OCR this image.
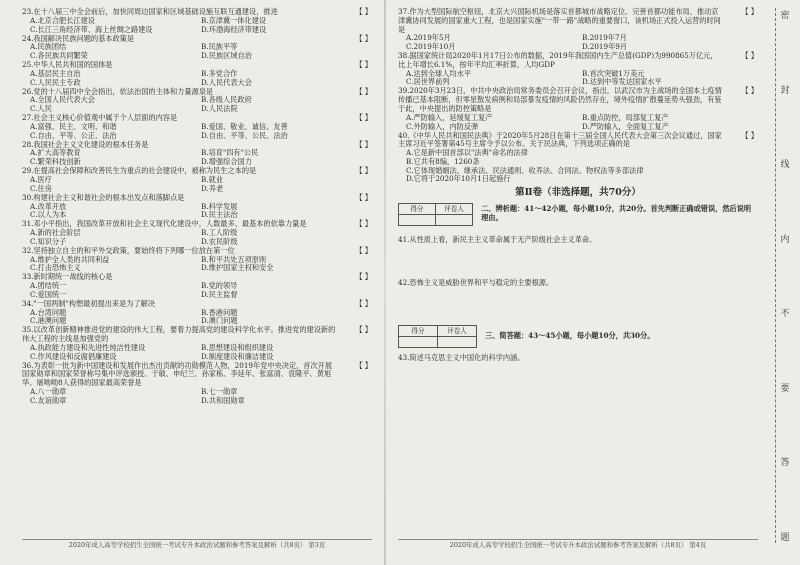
23.在十八届三中全会前后，加快同周边国家和区域基础设施互联互通建设，推进	【 】
A.北京合肥长江建设	B.京津冀一体化建设
C.长江三角经济带、海上丝绸之路建设	D.环渤海经济带建设
24.我国解决民族问题的基本政策是	【 】
A.民族团结	B.民族平等
C.各民族共同繁荣	D.民族区域自治
25.中华人民共和国的国体是	【 】
A.基层民主自治	B.多党合作
C.人民民主专政	D.人民代表大会
26.党的十八届四中全会指出，依法治国的主体和力量源泉是	【 】
A.全国人民代表大会	B.各级人民政府
C.人民	D.人民法院
27.社会主义核心价值观中属于个人层面的内容是	【 】
A.富强、民主、文明、和谐	B.爱国、敬业、诚信、友善
C.自由、平等、公正、法治	D.自由、平等、公民、法治
28.我国社会主义文化建设的根本任务是	【 】
A.扩大高等教育	B.培育"四有"公民
C.繁荣科技创新	D.增强综合国力
29.在提高社会保障和改善民生为重点的社会建设中，被称为民生之本的是	【 】
A.医疗	B.就业
C.住房	D.养老
30.构建社会主义和谐社会的根本出发点和落脚点是	【 】
A.改革开放	B.科学发展
C.以人为本	D.民主法治
31.邓小平指出，我国改革开放和社会主义现代化建设中，人数最多、最基本的依靠力量是	【 】
A.新的社会阶层	B.工人阶级
C.知识分子	D.农民阶级
32.坚持独立自主的和平外交政策，要始终将下列哪一位放在第一位	【 】
A.维护全人类的共同利益	B.和平共处五项原则
C.打击恐怖主义	D.维护国家主权和安全
33.新时期统一战线的核心是	【 】
A.团结统一	B.党的领导
C.爱国统一	D.民主监督
34."一国两制"构想最初提出来是为了解决	【 】
A.台湾问题	B.香港问题
C.港澳问题	D.澳门问题
35.以改革创新精神推进党的建设的伟大工程，要着力提高党的建设科学化水平。推进党的建设新的伟大工程的主线是加强党的
【 】
A.执政能力建设和先进性纯洁性建设	B.思想建设和组织建设
C.作风建设和反腐倡廉建设	D.制度建设和廉洁建设
36.为表彰一批为新中国建设和发展作出杰出贡献的功勋模范人物，2019年党中央决定，首次开展国家勋章和国家荣誉称号集中评选颁授。于敏、申纪兰、孙家栋、李延年、张富清、袁隆平、黄旭华、屠呦呦8人获得的国家最高荣誉是
【 】
A.八一勋章	B.七一勋章
C.友谊勋章	D.共和国勋章
2020年成人高等学校招生全国统一考试专升本政治试题和参考答案及解析（共8页） 第3页
37.作为大型国际航空枢纽，北京大兴国际机场是落实首都城市战略定位、完善首都功能布局、推动京津冀协同发展的国家重大工程，也是国家实施"一带一路"战略的重要窗口，该机场正式投入运营的时间是
【 】
A.2019年5月	B.2019年7月
C.2019年10月	D.2019年9月
38.据国家统计局2020年1月17日公布的数据，2019年我国国内生产总值(GDP)为990865万亿元，比上年增长6.1%，按年平均汇率折算，人均GDP
【 】
A.达到全球人均水平	B.首次突破1万美元
C.居世界前列	D.达到中等发达国家水平
39.2020年3月23日，中共中央政治局常务委员会召开会议，指出，以武汉市为主战场的全国本土疫情传播已基本阻断，但零星散发病例和局部暴发疫情的风险仍然存在，境外疫情扩散蔓延势头强劲，有鉴于此，中央提出的防控策略是
【 】
A.严防输入，延缓复工复产	B.重点防控，局部复工复产
C.外防输入，内防反弹	D.严防输入，全面复工复产
40.《中华人民共和国民法典》于2020年5月28日在第十三届全国人民代表大会第三次会议通过，国家主席习近平签署第45号主席令予以公布。关于民法典，下列选项正确的是
【 】
A.它是新中国首部以"法典"命名的法律
B.它共有8编，1260条
C.它体现婚姻法、继承法、民法通则、收养法、合同法、物权法等多部法律
D.它将于2020年10月1日起施行
第Ⅱ卷（非选择题，共70分）
得分	评卷人
	二、辨析题：41～42小题，每小题10分，共20分。首先判断正确或错误，然后说明理由。
41.从性质上看，新民主主义革命属于无产阶级社会主义革命。
42.恐怖主义是威胁世界和平与稳定的主要根源。
得分	评卷人

三、简答题：43～45小题，每小题10分，共30分。
43.简述马克思主义中国化的科学内涵。
2020年成人高等学校招生全国统一考试专升本政治试题和参考答案及解析（共8页） 第4页
密
封
线
内
不
要
答
题
